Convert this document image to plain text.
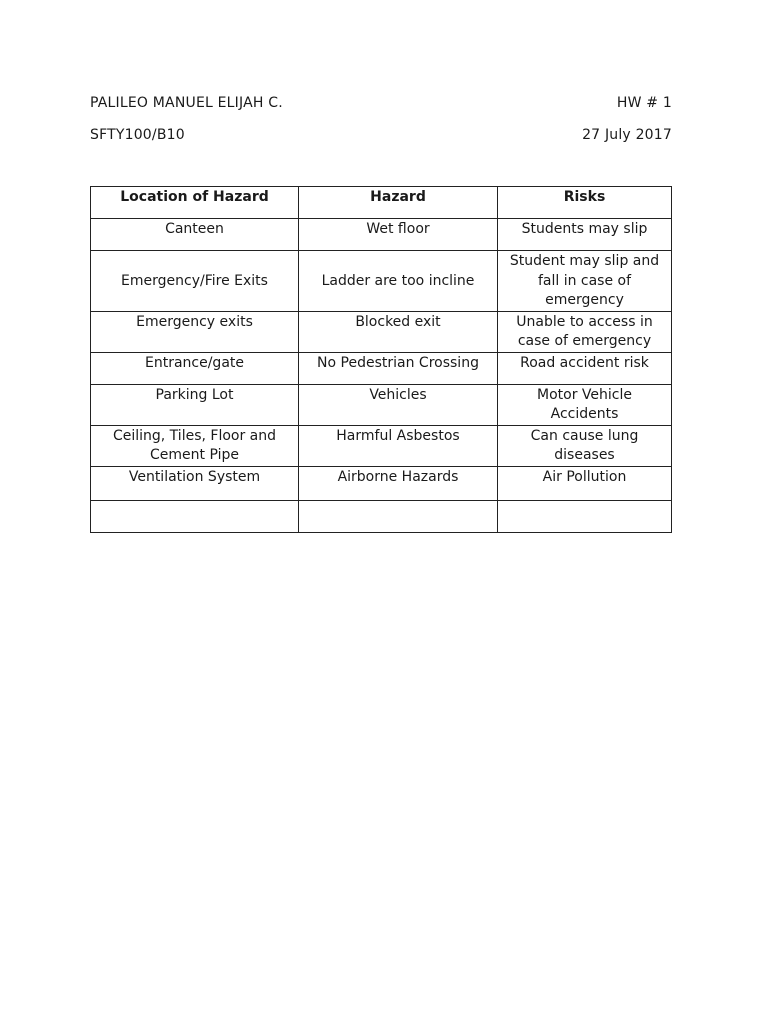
PALILEO MANUEL ELIJAH C.	HW # 1
SFTY100/B10	27 July 2017
Location of Hazard	Hazard	Risks
Canteen	Wet floor	Students may slip
Emergency/Fire Exits	Ladder are too incline	Student may slip and fall in case of emergency
Emergency exits	Blocked exit	Unable to access in case of emergency
Entrance/gate	No Pedestrian Crossing	Road accident risk
Parking Lot	Vehicles	Motor Vehicle Accidents
Ceiling, Tiles, Floor and Cement Pipe	Harmful Asbestos	Can cause lung diseases
Ventilation System	Airborne Hazards	Air Pollution
